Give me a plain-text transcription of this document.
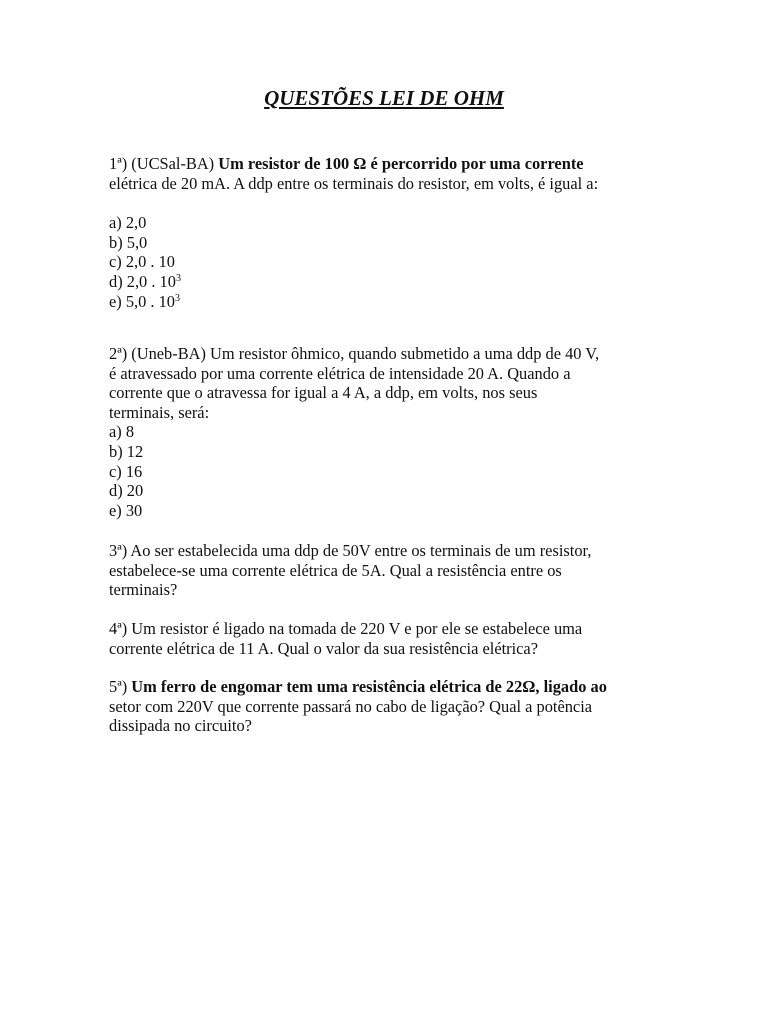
QUESTÕES LEI DE OHM
1ª) (UCSal-BA) Um resistor de 100 Ω é percorrido por uma corrente
elétrica de 20 mA. A ddp entre os terminais do resistor, em volts, é igual a:
a) 2,0
b) 5,0
c) 2,0 . 10
d) 2,0 . $10^3$
e) 5,0 . $10^3$
2ª) (Uneb-BA) Um resistor ôhmico, quando submetido a uma ddp de 40 V,
é atravessado por uma corrente elétrica de intensidade 20 A. Quando a
corrente que o atravessa for igual a 4 A, a ddp, em volts, nos seus
terminais, será:
a) 8
b) 12
c) 16
d) 20
e) 30
3ª) Ao ser estabelecida uma ddp de 50V entre os terminais de um resistor,
estabelece-se uma corrente elétrica de 5A. Qual a resistência entre os
terminais?
4ª) Um resistor é ligado na tomada de 220 V e por ele se estabelece uma
corrente elétrica de 11 A. Qual o valor da sua resistência elétrica?
5ª) Um ferro de engomar tem uma resistência elétrica de 22Ω, ligado ao
setor com 220V que corrente passará no cabo de ligação? Qual a potência
dissipada no circuito?
